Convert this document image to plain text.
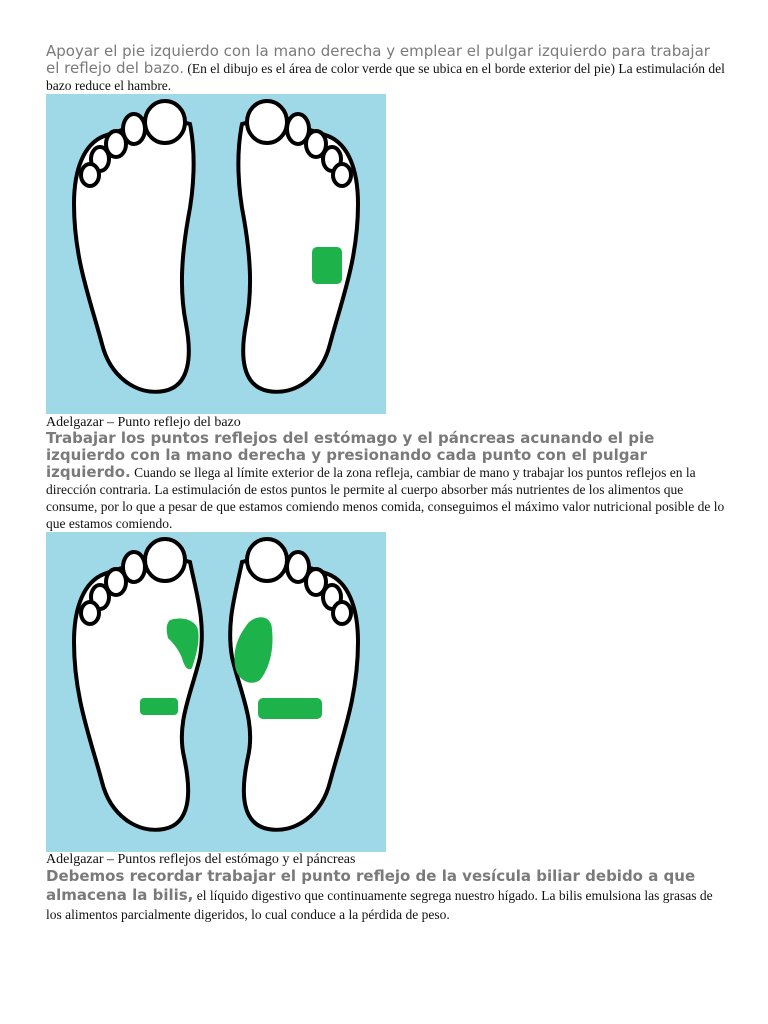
Apoyar el pie izquierdo con la mano derecha y emplear el pulgar izquierdo para trabajar el reflejo del bazo. (En el dibujo es el área de color verde que se ubica en el borde exterior del pie) La estimulación del bazo reduce el hambre.

Adelgazar – Punto reflejo del bazo

Trabajar los puntos reflejos del estómago y el páncreas acunando el pie izquierdo con la mano derecha y presionando cada punto con el pulgar izquierdo. Cuando se llega al límite exterior de la zona refleja, cambiar de mano y trabajar los puntos reflejos en la dirección contraria. La estimulación de estos puntos le permite al cuerpo absorber más nutrientes de los alimentos que consume, por lo que a pesar de que estamos comiendo menos comida, conseguimos el máximo valor nutricional posible de lo que estamos comiendo.

Adelgazar – Puntos reflejos del estómago y el páncreas

Debemos recordar trabajar el punto reflejo de la vesícula biliar debido a que almacena la bilis, el líquido digestivo que continuamente segrega nuestro hígado. La bilis emulsiona las grasas de los alimentos parcialmente digeridos, lo cual conduce a la pérdida de peso.
